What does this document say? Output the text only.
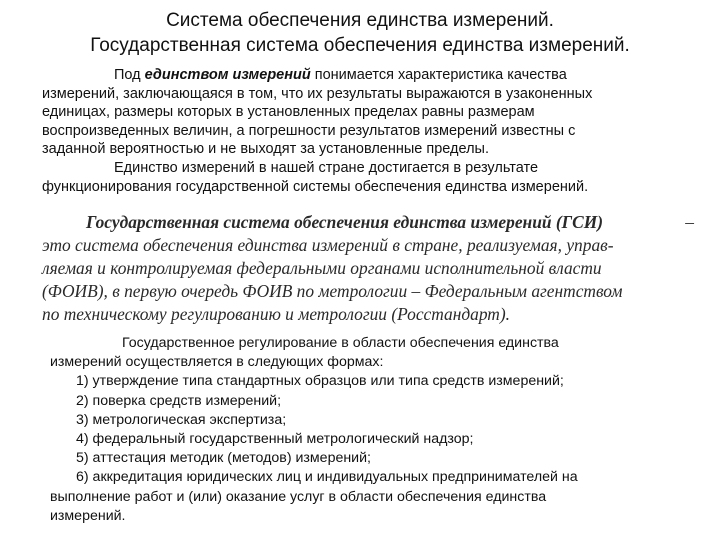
Система обеспечения единства измерений.
Государственная система обеспечения единства измерений.
Под единством измерений понимается характеристика качества
измерений, заключающаяся в том, что их результаты выражаются в узаконенных
единицах, размеры которых в установленных пределах равны размерам
воспроизведенных величин, а погрешности результатов измерений известны с
заданной вероятностью и не выходят за установленные пределы.
Единство измерений в нашей стране достигается в результате
функционирования государственной системы обеспечения единства измерений.
Государственная система обеспечения единства измерений (ГСИ)	–
это система обеспечения единства измерений в стране, реализуемая, управ-
ляемая и контролируемая федеральными органами исполнительной власти
(ФОИВ), в первую очередь ФОИВ по метрологии – Федеральным агентством
по техническому регулированию и метрологии (Росстандарт).
Государственное регулирование в области обеспечения единства
измерений осуществляется в следующих формах:
1) утверждение типа стандартных образцов или типа средств измерений;
2) поверка средств измерений;
3) метрологическая экспертиза;
4) федеральный государственный метрологический надзор;
5) аттестация методик (методов) измерений;
6) аккредитация юридических лиц и индивидуальных предпринимателей на
выполнение работ и (или) оказание услуг в области обеспечения единства
измерений.
